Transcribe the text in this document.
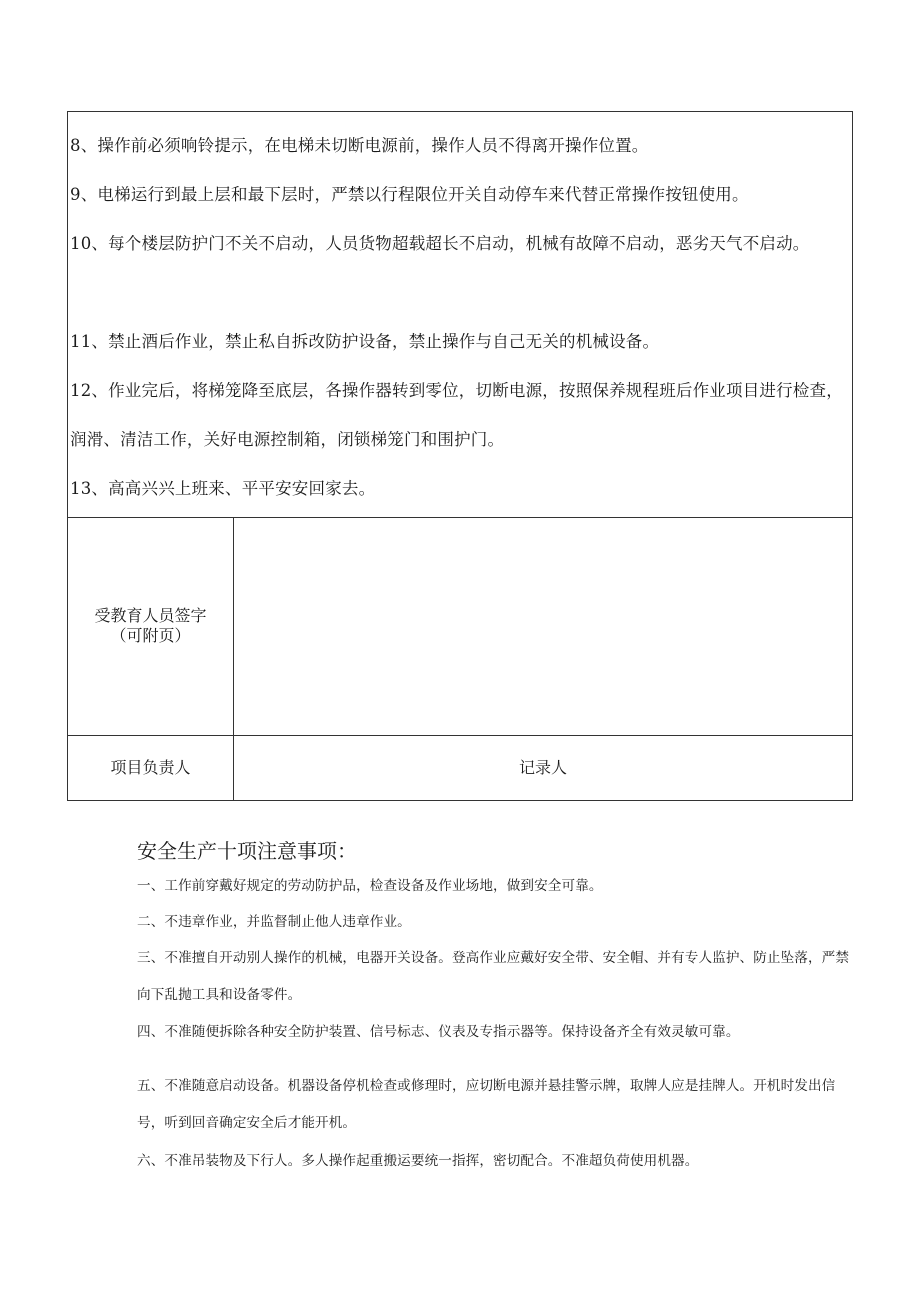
8、操作前必须响铃提示，在电梯未切断电源前，操作人员不得离开操作位置。
9、电梯运行到最上层和最下层时，严禁以行程限位开关自动停车来代替正常操作按钮使用。
10、每个楼层防护门不关不启动，人员货物超载超长不启动，机械有故障不启动，恶劣天气不启动。
11、禁止酒后作业，禁止私自拆改防护设备，禁止操作与自己无关的机械设备。
12、作业完后，将梯笼降至底层，各操作器转到零位，切断电源，按照保养规程班后作业项目进行检查，润滑、清洁工作，关好电源控制箱，闭锁梯笼门和围护门。
13、高高兴兴上班来、平平安安回家去。
受教育人员签字
（可附页）
项目负责人	记录人
安全生产十项注意事项：
一、工作前穿戴好规定的劳动防护品，检查设备及作业场地，做到安全可靠。
二、不违章作业，并监督制止他人违章作业。
三、不准擅自开动别人操作的机械，电器开关设备。登高作业应戴好安全带、安全帽、并有专人监护、防止坠落，严禁向下乱抛工具和设备零件。
四、不准随便拆除各种安全防护装置、信号标志、仪表及专指示器等。保持设备齐全有效灵敏可靠。
五、不准随意启动设备。机器设备停机检查或修理时，应切断电源并悬挂警示牌，取牌人应是挂牌人。开机时发出信号，听到回音确定安全后才能开机。
六、不准吊装物及下行人。多人操作起重搬运要统一指挥，密切配合。不准超负荷使用机器。
